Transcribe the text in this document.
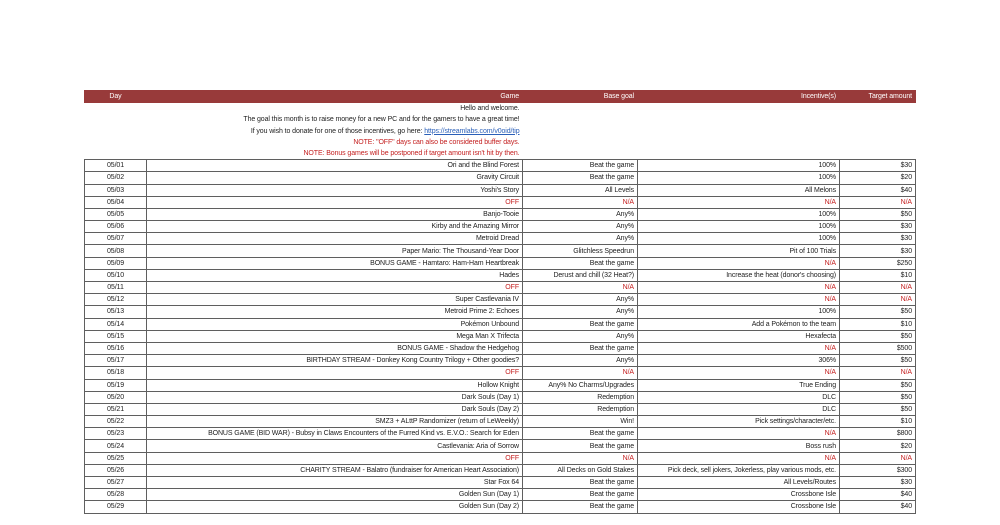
Day	Game	Base goal	Incentive(s)	Target amount
	Hello and welcome.			
	The goal this month is to raise money for a new PC and for the gamers to have a great time!			
	If you wish to donate for one of those incentives, go here: https://streamlabs.com/v0oid/tip			
	NOTE: "OFF" days can also be considered buffer days.			
	NOTE: Bonus games will be postponed if target amount isn't hit by then.			
05/01	Ori and the Blind Forest	Beat the game	100%	$30
05/02	Gravity Circuit	Beat the game	100%	$20
05/03	Yoshi's Story	All Levels	All Melons	$40
05/04	OFF	N/A	N/A	N/A
05/05	Banjo-Tooie	Any%	100%	$50
05/06	Kirby and the Amazing Mirror	Any%	100%	$30
05/07	Metroid Dread	Any%	100%	$30
05/08	Paper Mario: The Thousand-Year Door	Glitchless Speedrun	Pit of 100 Trials	$30
05/09	BONUS GAME - Hamtaro: Ham-Ham Heartbreak	Beat the game	N/A	$250
05/10	Hades	Derust and chill (32 Heat?)	Increase the heat (donor's choosing)	$10
05/11	OFF	N/A	N/A	N/A
05/12	Super Castlevania IV	Any%	N/A	N/A
05/13	Metroid Prime 2: Echoes	Any%	100%	$50
05/14	Pokémon Unbound	Beat the game	Add a Pokémon to the team	$10
05/15	Mega Man X Trifecta	Any%	Hexafecta	$50
05/16	BONUS GAME - Shadow the Hedgehog	Beat the game	N/A	$500
05/17	BIRTHDAY STREAM - Donkey Kong Country Trilogy + Other goodies?	Any%	306%	$50
05/18	OFF	N/A	N/A	N/A
05/19	Hollow Knight	Any% No Charms/Upgrades	True Ending	$50
05/20	Dark Souls (Day 1)	Redemption	DLC	$50
05/21	Dark Souls (Day 2)	Redemption	DLC	$50
05/22	SMZ3 + ALttP Randomizer (return of LeWeekly)	Win!	Pick settings/character/etc.	$10
05/23	BONUS GAME (BID WAR) - Bubsy in Claws Encounters of the Furred Kind vs. E.V.O.: Search for Eden	Beat the game	N/A	$800
05/24	Castlevania: Aria of Sorrow	Beat the game	Boss rush	$20
05/25	OFF	N/A	N/A	N/A
05/26	CHARITY STREAM - Balatro (fundraiser for American Heart Association)	All Decks on Gold Stakes	Pick deck, sell jokers, Jokerless, play various mods, etc.	$300
05/27	Star Fox 64	Beat the game	All Levels/Routes	$30
05/28	Golden Sun (Day 1)	Beat the game	Crossbone Isle	$40
05/29	Golden Sun (Day 2)	Beat the game	Crossbone Isle	$40
